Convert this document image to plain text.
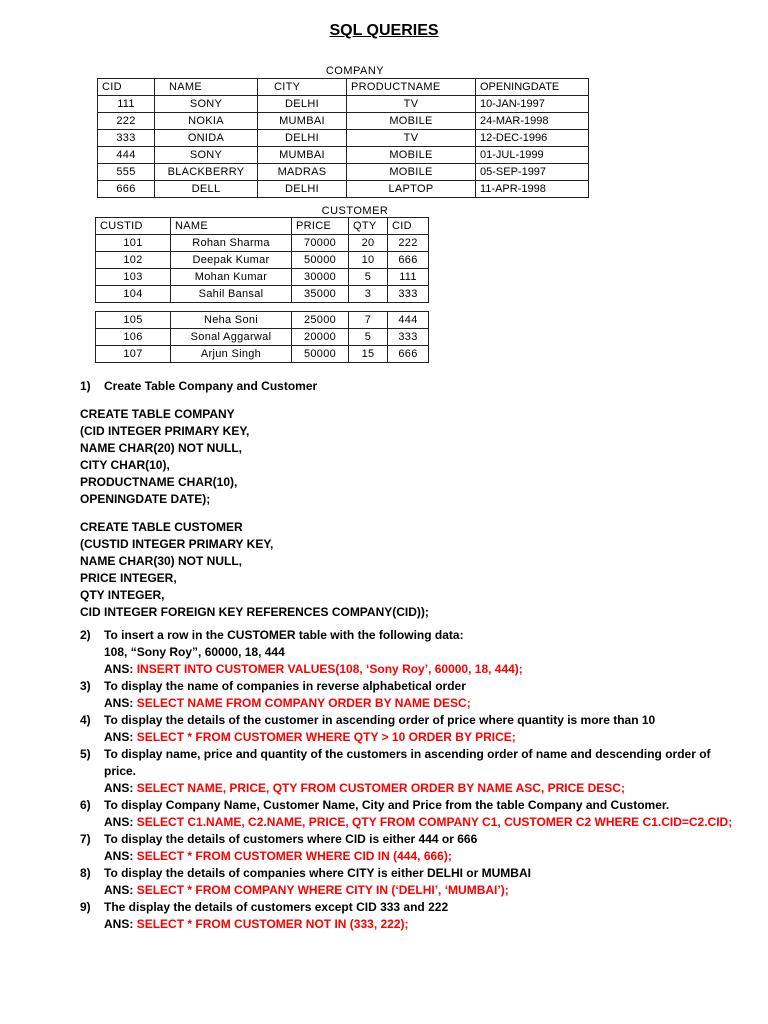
SQL QUERIES
COMPANY
CID	NAME	CITY	PRODUCTNAME	OPENINGDATE
111	SONY	DELHI	TV	10-JAN-1997
222	NOKIA	MUMBAI	MOBILE	24-MAR-1998
333	ONIDA	DELHI	TV	12-DEC-1996
444	SONY	MUMBAI	MOBILE	01-JUL-1999
555	BLACKBERRY	MADRAS	MOBILE	05-SEP-1997
666	DELL	DELHI	LAPTOP	11-APR-1998
CUSTOMER
CUSTID	NAME	PRICE	QTY	CID
101	Rohan Sharma	70000	20	222
102	Deepak Kumar	50000	10	666
103	Mohan Kumar	30000	5	111
104	Sahil Bansal	35000	3	333
105	Neha Soni	25000	7	444
106	Sonal Aggarwal	20000	5	333
107	Arjun Singh	50000	15	666
1) Create Table Company and Customer
CREATE TABLE COMPANY
(CID INTEGER PRIMARY KEY,
NAME CHAR(20) NOT NULL,
CITY CHAR(10),
PRODUCTNAME CHAR(10),
OPENINGDATE DATE);
CREATE TABLE CUSTOMER
(CUSTID INTEGER PRIMARY KEY,
NAME CHAR(30) NOT NULL,
PRICE INTEGER,
QTY INTEGER,
CID INTEGER FOREIGN KEY REFERENCES COMPANY(CID));
2) To insert a row in the CUSTOMER table with the following data:
108, “Sony Roy”, 60000, 18, 444
ANS: INSERT INTO CUSTOMER VALUES(108, ‘Sony Roy’, 60000, 18, 444);
3) To display the name of companies in reverse alphabetical order
ANS: SELECT NAME FROM COMPANY ORDER BY NAME DESC;
4) To display the details of the customer in ascending order of price where quantity is more than 10
ANS: SELECT * FROM CUSTOMER WHERE QTY > 10 ORDER BY PRICE;
5) To display name, price and quantity of the customers in ascending order of name and descending order of price.
ANS: SELECT NAME, PRICE, QTY FROM CUSTOMER ORDER BY NAME ASC, PRICE DESC;
6) To display Company Name, Customer Name, City and Price from the table Company and Customer.
ANS: SELECT C1.NAME, C2.NAME, PRICE, QTY FROM COMPANY C1, CUSTOMER C2 WHERE C1.CID=C2.CID;
7) To display the details of customers where CID is either 444 or 666
ANS: SELECT * FROM CUSTOMER WHERE CID IN (444, 666);
8) To display the details of companies where CITY is either DELHI or MUMBAI
ANS: SELECT * FROM COMPANY WHERE CITY IN (‘DELHI’, ‘MUMBAI’);
9) The display the details of customers except CID 333 and 222
ANS: SELECT * FROM CUSTOMER NOT IN (333, 222);
